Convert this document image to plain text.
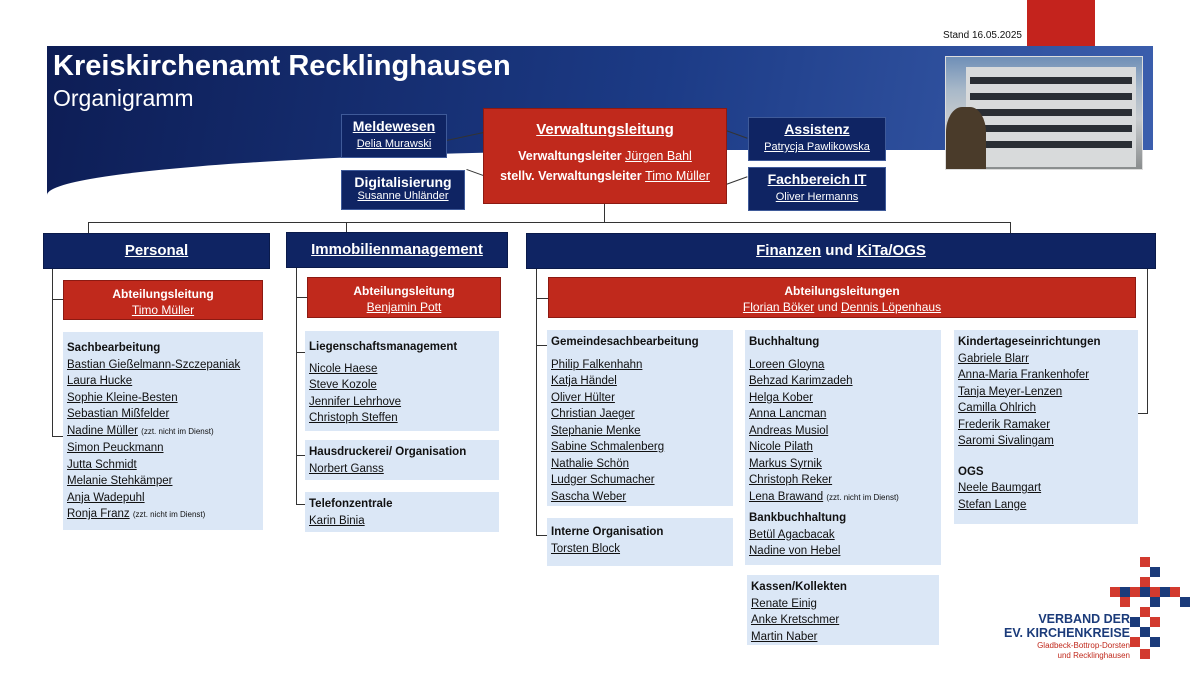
Stand 16.05.2025
Kreiskirchenamt Recklinghausen
Organigramm
Meldewesen
Delia Murawski
Digitalisierung
Susanne Uhländer
Verwaltungsleitung
Verwaltungsleiter Jürgen Bahl
stellv. Verwaltungsleiter Timo Müller
Assistenz
Patrycja Pawlikowska
Fachbereich IT
Oliver Hermanns
Personal	Immobilienmanagement	Finanzen und KiTa/OGS
Abteilungsleitung
Timo Müller
Abteilungsleitung
Benjamin Pott
Abteilungsleitungen
Florian Böker und Dennis Löpenhaus
Sachbearbeitung
Bastian Gießelmann-Szczepaniak
Laura Hucke
Sophie Kleine-Besten
Sebastian Mißfelder
Nadine Müller (zzt. nicht im Dienst)
Simon Peuckmann
Jutta Schmidt
Melanie Stehkämper
Anja Wadepuhl
Ronja Franz (zzt. nicht im Dienst)
Liegenschaftsmanagement
Nicole Haese
Steve Kozole
Jennifer Lehrhove
Christoph Steffen
Hausdruckerei/ Organisation
Norbert Ganss
Telefonzentrale
Karin Binia
Gemeindesachbearbeitung
Philip Falkenhahn
Katja Händel
Oliver Hülter
Christian Jaeger
Stephanie Menke
Sabine Schmalenberg
Nathalie Schön
Ludger Schumacher
Sascha Weber
Interne Organisation
Torsten Block
Buchhaltung
Loreen Gloyna
Behzad Karimzadeh
Helga Kober
Anna Lancman
Andreas Musiol
Nicole Pilath
Markus Syrnik
Christoph Reker
Lena Brawand (zzt. nicht im Dienst)
Bankbuchhaltung
Betül Agacbacak
Nadine von Hebel
Kassen/Kollekten
Renate Einig
Anke Kretschmer
Martin Naber
Kindertageseinrichtungen
Gabriele Blarr
Anna-Maria Frankenhofer
Tanja Meyer-Lenzen
Camilla Ohlrich
Frederik Ramaker
Saromi Sivalingam
OGS
Neele Baumgart
Stefan Lange
VERBAND DER
EV. KIRCHENKREISE
Gladbeck-Bottrop-Dorsten
und Recklinghausen
